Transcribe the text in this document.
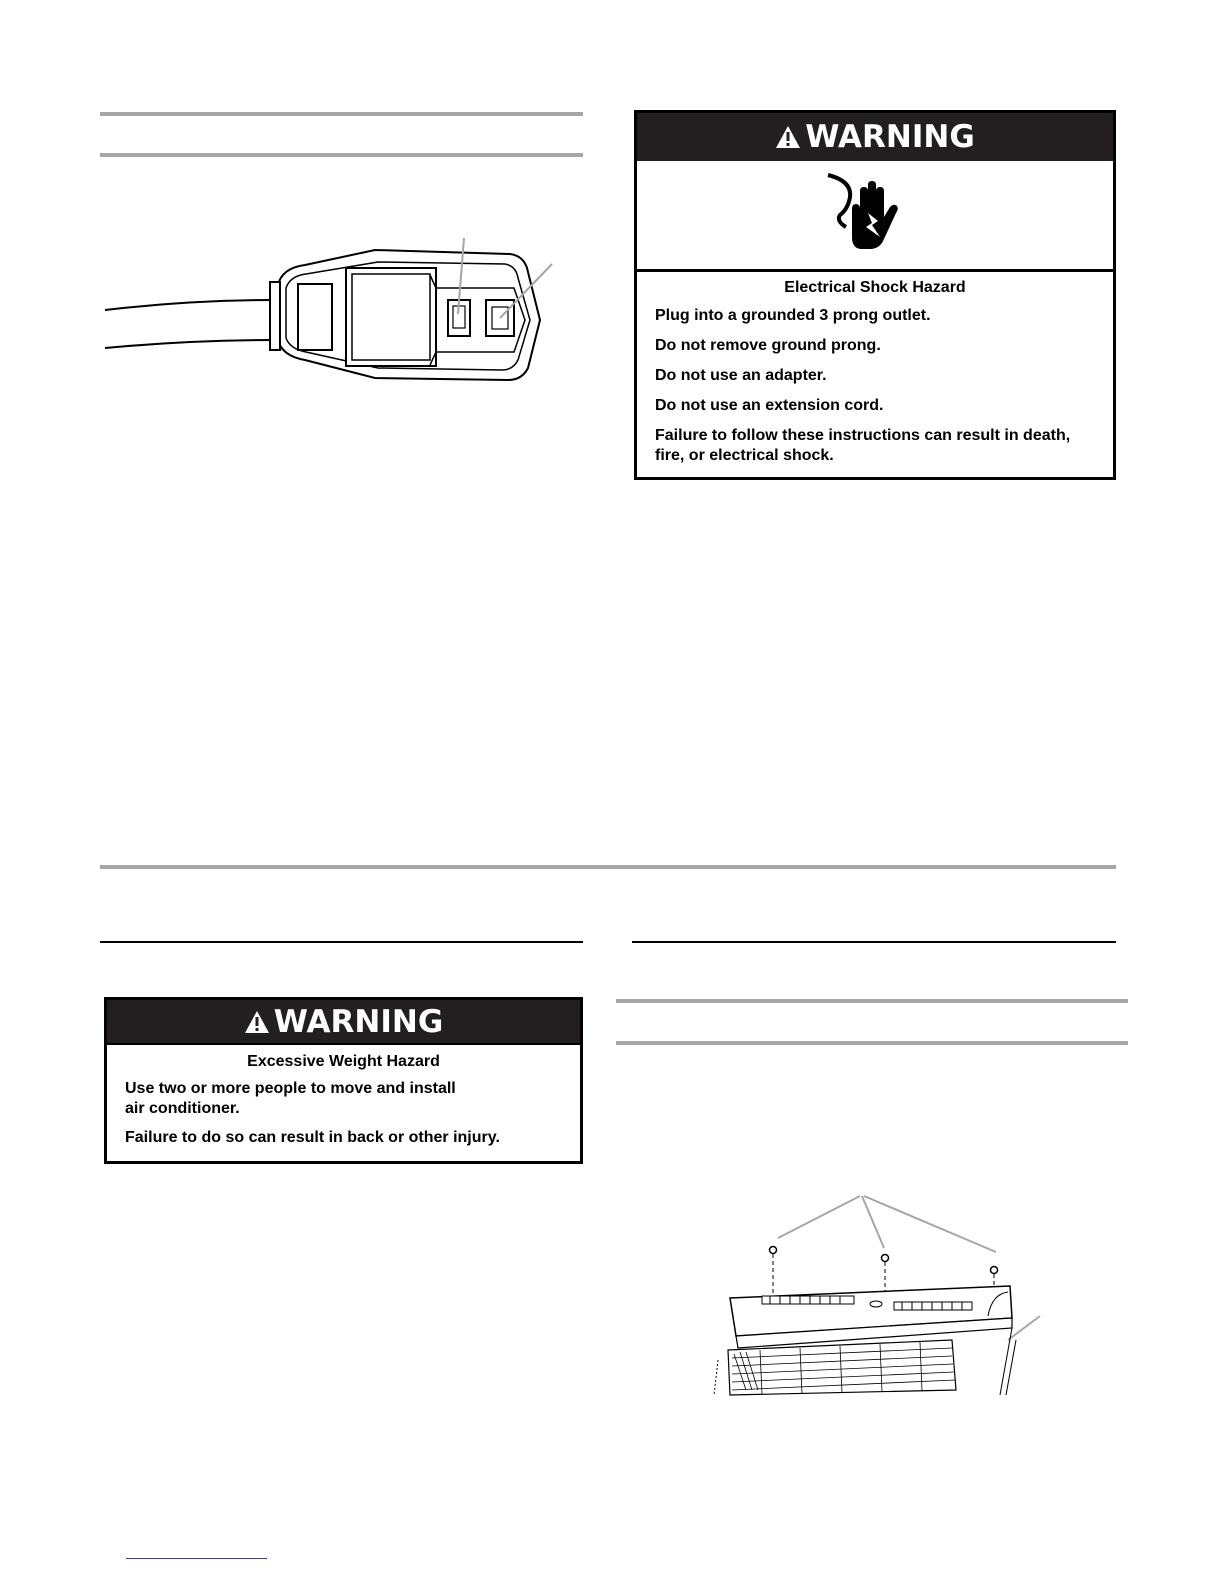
WARNING
Electrical Shock Hazard
Plug into a grounded 3 prong outlet.
Do not remove ground prong.
Do not use an adapter.
Do not use an extension cord.
Failure to follow these instructions can result in death, fire, or electrical shock.
WARNING
Excessive Weight Hazard
Use two or more people to move and install air conditioner.
Failure to do so can result in back or other injury.
